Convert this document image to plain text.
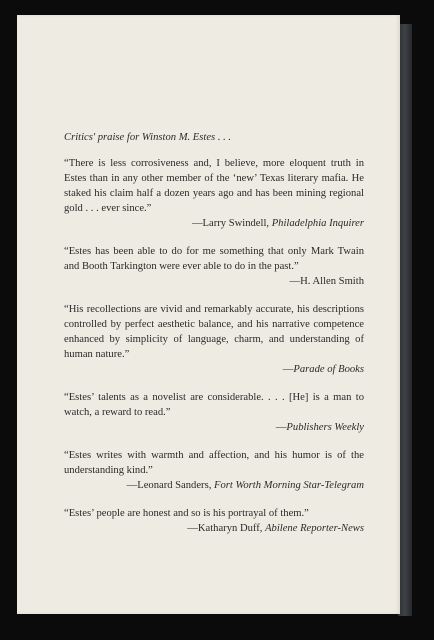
Critics' praise for Winston M. Estes . . .

“There is less corrosiveness and, I believe, more eloquent truth in Estes than in any other member of the ‘new’ Texas literary mafia. He staked his claim half a dozen years ago and has been mining regional gold . . . ever since.”
—Larry Swindell, Philadelphia Inquirer
“Estes has been able to do for me something that only Mark Twain and Booth Tarkington were ever able to do in the past.”
—H. Allen Smith
“His recollections are vivid and remarkably accurate, his descriptions controlled by perfect aesthetic balance, and his narrative competence enhanced by simplicity of language, charm, and understanding of human nature.”
—Parade of Books
“Estes’ talents as a novelist are considerable. . . . [He] is a man to watch, a reward to read.”
—Publishers Weekly
“Estes writes with warmth and affection, and his humor is of the understanding kind.”
—Leonard Sanders, Fort Worth Morning Star-Telegram
“Estes’ people are honest and so is his portrayal of them.”
—Katharyn Duff, Abilene Reporter-News
